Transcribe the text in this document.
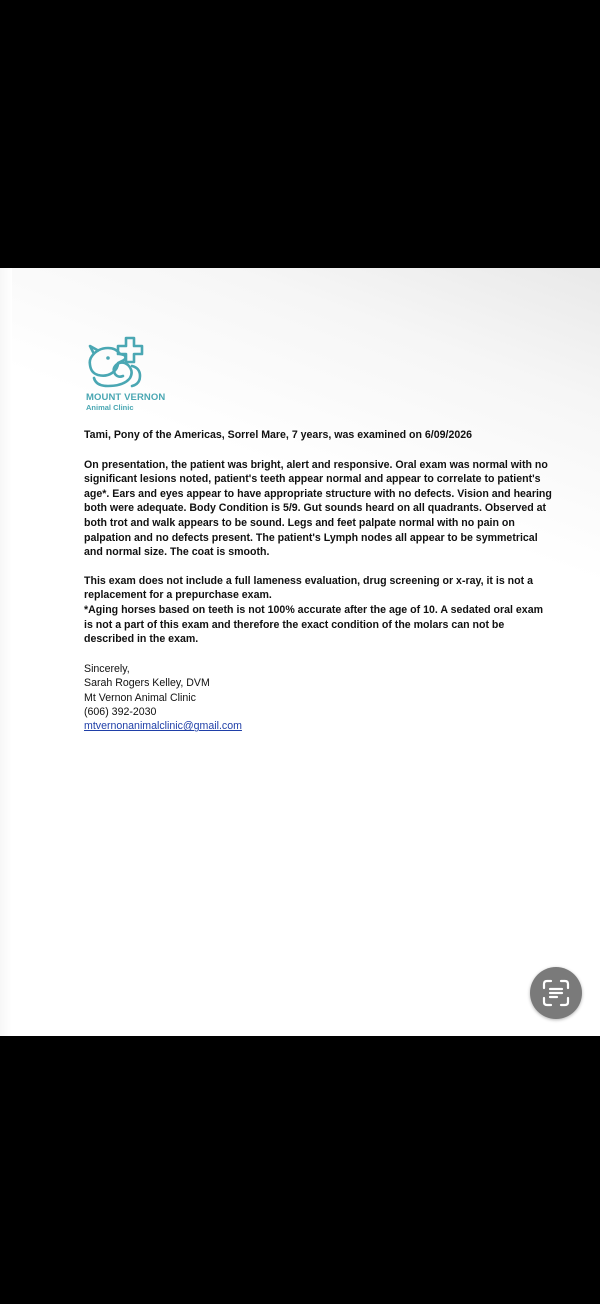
MOUNT VERNON
Animal Clinic

Tami, Pony of the Americas, Sorrel Mare, 7 years, was examined on 6/09/2026

On presentation, the patient was bright, alert and responsive. Oral exam was normal with no significant lesions noted, patient's teeth appear normal and appear to correlate to patient's age*. Ears and eyes appear to have appropriate structure with no defects. Vision and hearing both were adequate. Body Condition is 5/9. Gut sounds heard on all quadrants. Observed at both trot and walk appears to be sound. Legs and feet palpate normal with no pain on palpation and no defects present. The patient's Lymph nodes all appear to be symmetrical and normal size. The coat is smooth.

This exam does not include a full lameness evaluation, drug screening or x-ray, it is not a replacement for a prepurchase exam.

*Aging horses based on teeth is not 100% accurate after the age of 10. A sedated oral exam is not a part of this exam and therefore the exact condition of the molars can not be described in the exam.

Sincerely,
Sarah Rogers Kelley, DVM
Mt Vernon Animal Clinic
(606) 392-2030
mtvernonanimalclinic@gmail.com
